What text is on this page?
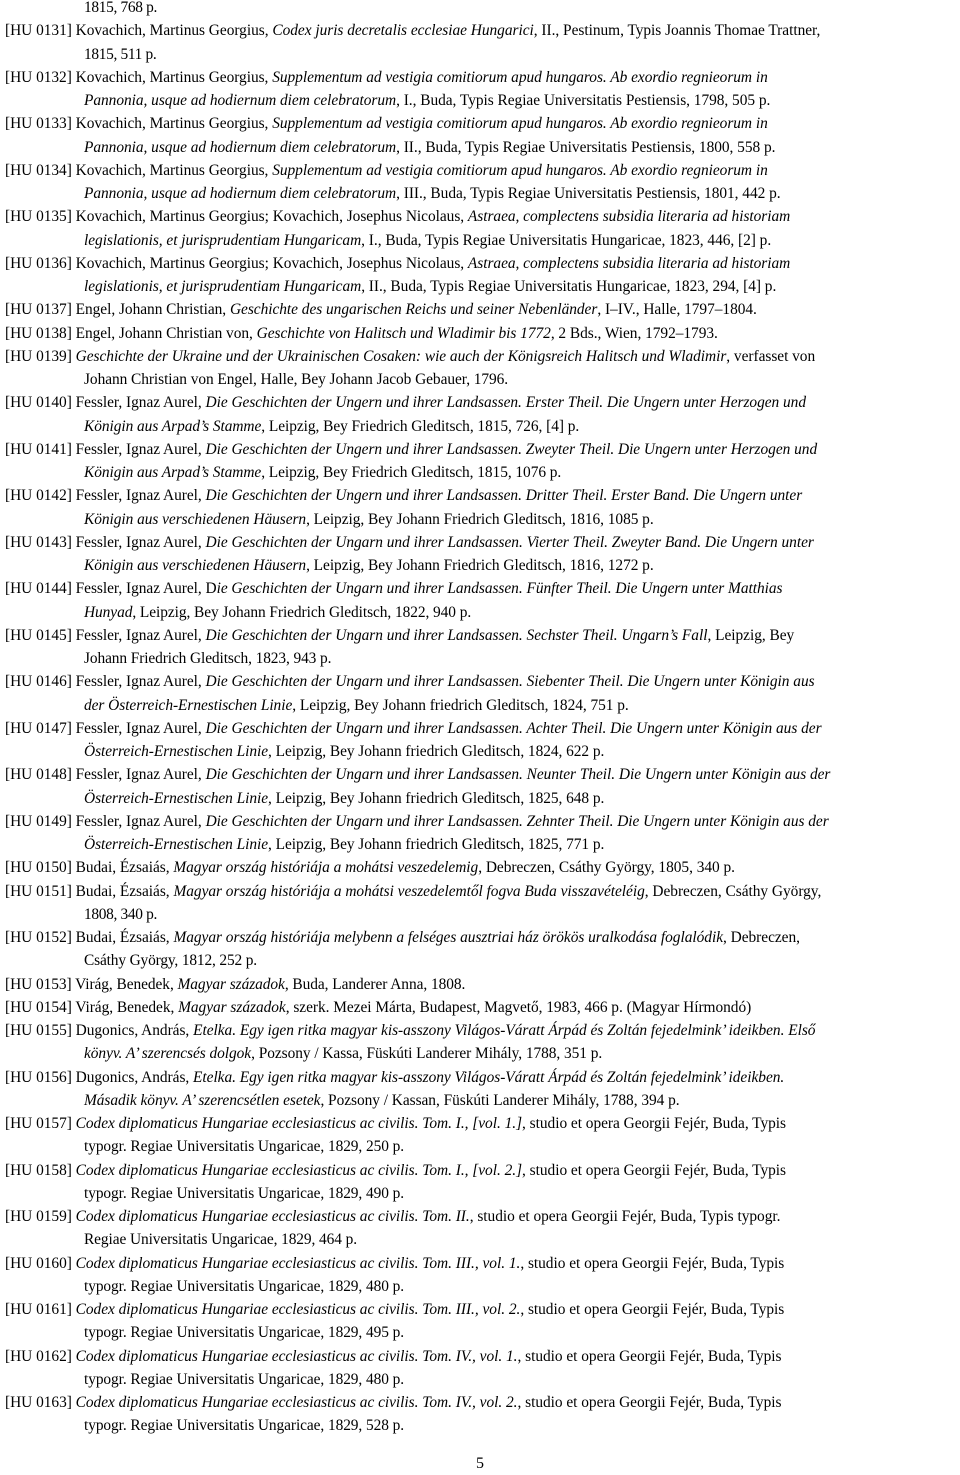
1815, 768 p.
[HU 0131] Kovachich, Martinus Georgius, Codex juris decretalis ecclesiae Hungarici, II., Pestinum, Typis Joannis Thomae Trattner,
1815, 511 p.
[HU 0132] Kovachich, Martinus Georgius, Supplementum ad vestigia comitiorum apud hungaros. Ab exordio regnieorum in
Pannonia, usque ad hodiernum diem celebratorum, I., Buda, Typis Regiae Universitatis Pestiensis, 1798, 505 p.
[HU 0133] Kovachich, Martinus Georgius, Supplementum ad vestigia comitiorum apud hungaros. Ab exordio regnieorum in
Pannonia, usque ad hodiernum diem celebratorum, II., Buda, Typis Regiae Universitatis Pestiensis, 1800, 558 p.
[HU 0134] Kovachich, Martinus Georgius, Supplementum ad vestigia comitiorum apud hungaros. Ab exordio regnieorum in
Pannonia, usque ad hodiernum diem celebratorum, III., Buda, Typis Regiae Universitatis Pestiensis, 1801, 442 p.
[HU 0135] Kovachich, Martinus Georgius; Kovachich, Josephus Nicolaus, Astraea, complectens subsidia literaria ad historiam
legislationis, et jurisprudentiam Hungaricam, I., Buda, Typis Regiae Universitatis Hungaricae, 1823, 446, [2] p.
[HU 0136] Kovachich, Martinus Georgius; Kovachich, Josephus Nicolaus, Astraea, complectens subsidia literaria ad historiam
legislationis, et jurisprudentiam Hungaricam, II., Buda, Typis Regiae Universitatis Hungaricae, 1823, 294, [4] p.
[HU 0137] Engel, Johann Christian, Geschichte des ungarischen Reichs und seiner Nebenländer, I–IV., Halle, 1797–1804.
[HU 0138] Engel, Johann Christian von, Geschichte von Halitsch und Wladimir bis 1772, 2 Bds., Wien, 1792–1793.
[HU 0139] Geschichte der Ukraine und der Ukrainischen Cosaken: wie auch der Königsreich Halitsch und Wladimir, verfasset von
Johann Christian von Engel, Halle, Bey Johann Jacob Gebauer, 1796.
[HU 0140] Fessler, Ignaz Aurel, Die Geschichten der Ungern und ihrer Landsassen. Erster Theil. Die Ungern unter Herzogen und
Königin aus Arpad’s Stamme, Leipzig, Bey Friedrich Gleditsch, 1815, 726, [4] p.
[HU 0141] Fessler, Ignaz Aurel, Die Geschichten der Ungern und ihrer Landsassen. Zweyter Theil. Die Ungern unter Herzogen und
Königin aus Arpad’s Stamme, Leipzig, Bey Friedrich Gleditsch, 1815, 1076 p.
[HU 0142] Fessler, Ignaz Aurel, Die Geschichten der Ungern und ihrer Landsassen. Dritter Theil. Erster Band. Die Ungern unter
Königin aus verschiedenen Häusern, Leipzig, Bey Johann Friedrich Gleditsch, 1816, 1085 p.
[HU 0143] Fessler, Ignaz Aurel, Die Geschichten der Ungarn und ihrer Landsassen. Vierter Theil. Zweyter Band. Die Ungern unter
Königin aus verschiedenen Häusern, Leipzig, Bey Johann Friedrich Gleditsch, 1816, 1272 p.
[HU 0144] Fessler, Ignaz Aurel, Die Geschichten der Ungarn und ihrer Landsassen. Fünfter Theil. Die Ungern unter Matthias
Hunyad, Leipzig, Bey Johann Friedrich Gleditsch, 1822, 940 p.
[HU 0145] Fessler, Ignaz Aurel, Die Geschichten der Ungarn und ihrer Landsassen. Sechster Theil. Ungarn’s Fall, Leipzig, Bey
Johann Friedrich Gleditsch, 1823, 943 p.
[HU 0146] Fessler, Ignaz Aurel, Die Geschichten der Ungarn und ihrer Landsassen. Siebenter Theil. Die Ungern unter Königin aus
der Österreich-Ernestischen Linie, Leipzig, Bey Johann friedrich Gleditsch, 1824, 751 p.
[HU 0147] Fessler, Ignaz Aurel, Die Geschichten der Ungarn und ihrer Landsassen. Achter Theil. Die Ungern unter Königin aus der
Österreich-Ernestischen Linie, Leipzig, Bey Johann friedrich Gleditsch, 1824, 622 p.
[HU 0148] Fessler, Ignaz Aurel, Die Geschichten der Ungarn und ihrer Landsassen. Neunter Theil. Die Ungern unter Königin aus der
Österreich-Ernestischen Linie, Leipzig, Bey Johann friedrich Gleditsch, 1825, 648 p.
[HU 0149] Fessler, Ignaz Aurel, Die Geschichten der Ungarn und ihrer Landsassen. Zehnter Theil. Die Ungern unter Königin aus der
Österreich-Ernestischen Linie, Leipzig, Bey Johann friedrich Gleditsch, 1825, 771 p.
[HU 0150] Budai, Ézsaiás, Magyar ország históriája a mohátsi veszedelemig, Debreczen, Csáthy György, 1805, 340 p.
[HU 0151] Budai, Ézsaiás, Magyar ország históriája a mohátsi veszedelemtől fogva Buda visszavételéig, Debreczen, Csáthy György,
1808, 340 p.
[HU 0152] Budai, Ézsaiás, Magyar ország históriája melybenn a felséges ausztriai ház örökös uralkodása foglalódik, Debreczen,
Csáthy György, 1812, 252 p.
[HU 0153] Virág, Benedek, Magyar századok, Buda, Landerer Anna, 1808.
[HU 0154] Virág, Benedek, Magyar századok, szerk. Mezei Márta, Budapest, Magvető, 1983, 466 p. (Magyar Hírmondó)
[HU 0155] Dugonics, András, Etelka. Egy igen ritka magyar kis-asszony Világos-Váratt Árpád és Zoltán fejedelmink’ ideikben. Első
könyv. A’ szerencsés dolgok, Pozsony / Kassa, Füskúti Landerer Mihály, 1788, 351 p.
[HU 0156] Dugonics, András, Etelka. Egy igen ritka magyar kis-asszony Világos-Váratt Árpád és Zoltán fejedelmink’ ideikben.
Másadik könyv. A’ szerencsétlen esetek, Pozsony / Kassan, Füskúti Landerer Mihály, 1788, 394 p.
[HU 0157] Codex diplomaticus Hungariae ecclesiasticus ac civilis. Tom. I., [vol. 1.], studio et opera Georgii Fejér, Buda, Typis
typogr. Regiae Universitatis Ungaricae, 1829, 250 p.
[HU 0158] Codex diplomaticus Hungariae ecclesiasticus ac civilis. Tom. I., [vol. 2.], studio et opera Georgii Fejér, Buda, Typis
typogr. Regiae Universitatis Ungaricae, 1829, 490 p.
[HU 0159] Codex diplomaticus Hungariae ecclesiasticus ac civilis. Tom. II., studio et opera Georgii Fejér, Buda, Typis typogr.
Regiae Universitatis Ungaricae, 1829, 464 p.
[HU 0160] Codex diplomaticus Hungariae ecclesiasticus ac civilis. Tom. III., vol. 1., studio et opera Georgii Fejér, Buda, Typis
typogr. Regiae Universitatis Ungaricae, 1829, 480 p.
[HU 0161] Codex diplomaticus Hungariae ecclesiasticus ac civilis. Tom. III., vol. 2., studio et opera Georgii Fejér, Buda, Typis
typogr. Regiae Universitatis Ungaricae, 1829, 495 p.
[HU 0162] Codex diplomaticus Hungariae ecclesiasticus ac civilis. Tom. IV., vol. 1., studio et opera Georgii Fejér, Buda, Typis
typogr. Regiae Universitatis Ungaricae, 1829, 480 p.
[HU 0163] Codex diplomaticus Hungariae ecclesiasticus ac civilis. Tom. IV., vol. 2., studio et opera Georgii Fejér, Buda, Typis
typogr. Regiae Universitatis Ungaricae, 1829, 528 p.
5
